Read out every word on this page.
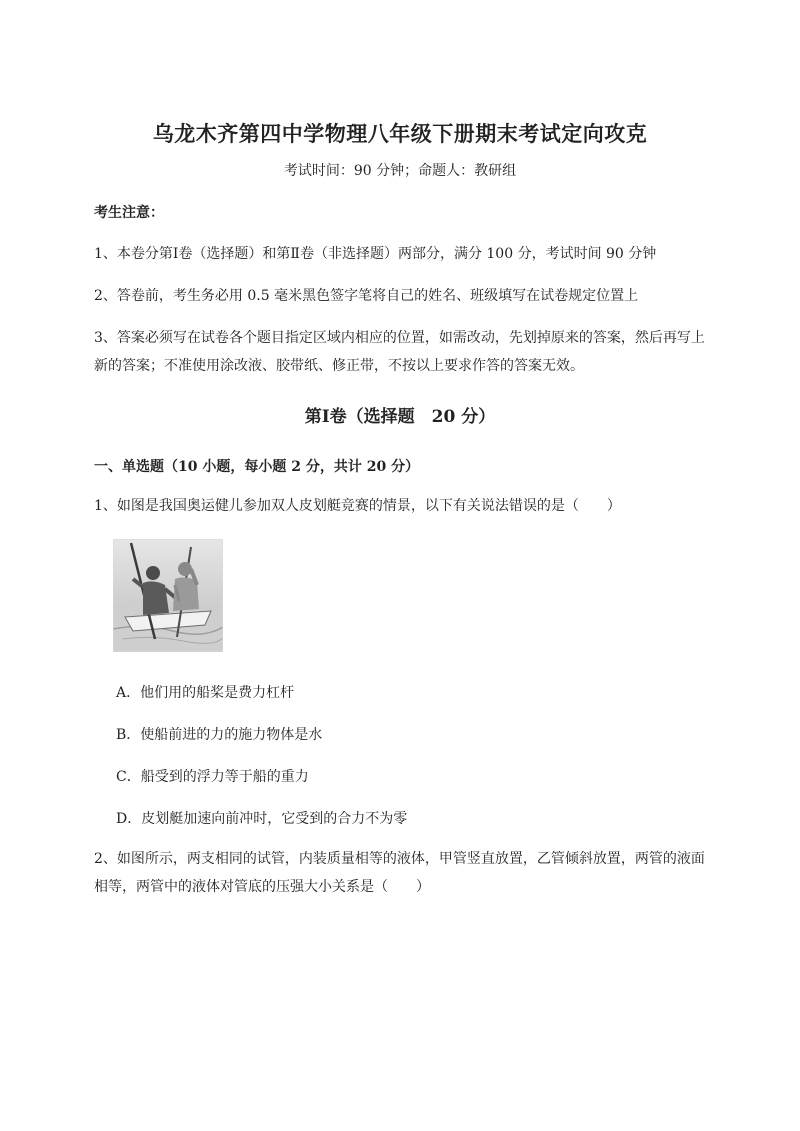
乌龙木齐第四中学物理八年级下册期末考试定向攻克
考试时间：90 分钟；命题人：教研组
考生注意：
1、本卷分第Ⅰ卷（选择题）和第Ⅱ卷（非选择题）两部分，满分 100 分，考试时间 90 分钟
2、答卷前，考生务必用 0.5 毫米黑色签字笔将自己的姓名、班级填写在试卷规定位置上
3、答案必须写在试卷各个题目指定区域内相应的位置，如需改动，先划掉原来的答案，然后再写上新的答案；不准使用涂改液、胶带纸、修正带，不按以上要求作答的答案无效。
第Ⅰ卷（选择题　20 分）
一、单选题（10 小题，每小题 2 分，共计 20 分）
1、如图是我国奥运健儿参加双人皮划艇竞赛的情景，以下有关说法错误的是（　　）
A．他们用的船桨是费力杠杆
B．使船前进的力的施力物体是水
C．船受到的浮力等于船的重力
D．皮划艇加速向前冲时，它受到的合力不为零
2、如图所示，两支相同的试管，内装质量相等的液体，甲管竖直放置，乙管倾斜放置，两管的液面相等，两管中的液体对管底的压强大小关系是（　　）
